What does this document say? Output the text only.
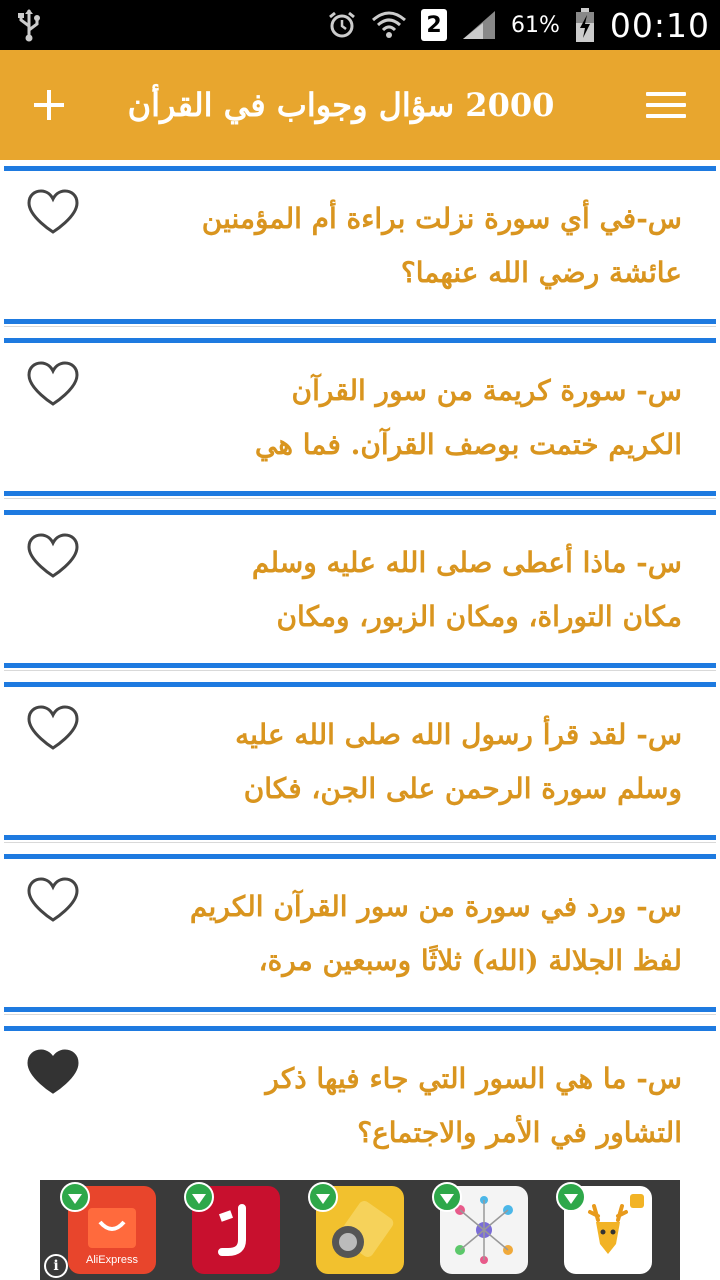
2	61% 00:10
2000 سؤال وجواب في القرأن
س-في أي سورة نزلت براءة أم المؤمنين
عائشة رضي الله عنهما؟
س- سورة كريمة من سور القرآن
الكريم ختمت بوصف القرآن. فما هي
س- ماذا أعطى صلى الله عليه وسلم
مكان التوراة، ومكان الزبور، ومكان
س- لقد قرأ رسول الله صلى الله عليه
وسلم سورة الرحمن على الجن، فكان
س- ورد في سورة من سور القرآن الكريم
لفظ الجلالة (الله) ثلاثًا وسبعين مرة،
س- ما هي السور التي جاء فيها ذكر
التشاور في الأمر والاجتماع؟
AliExpress
i
